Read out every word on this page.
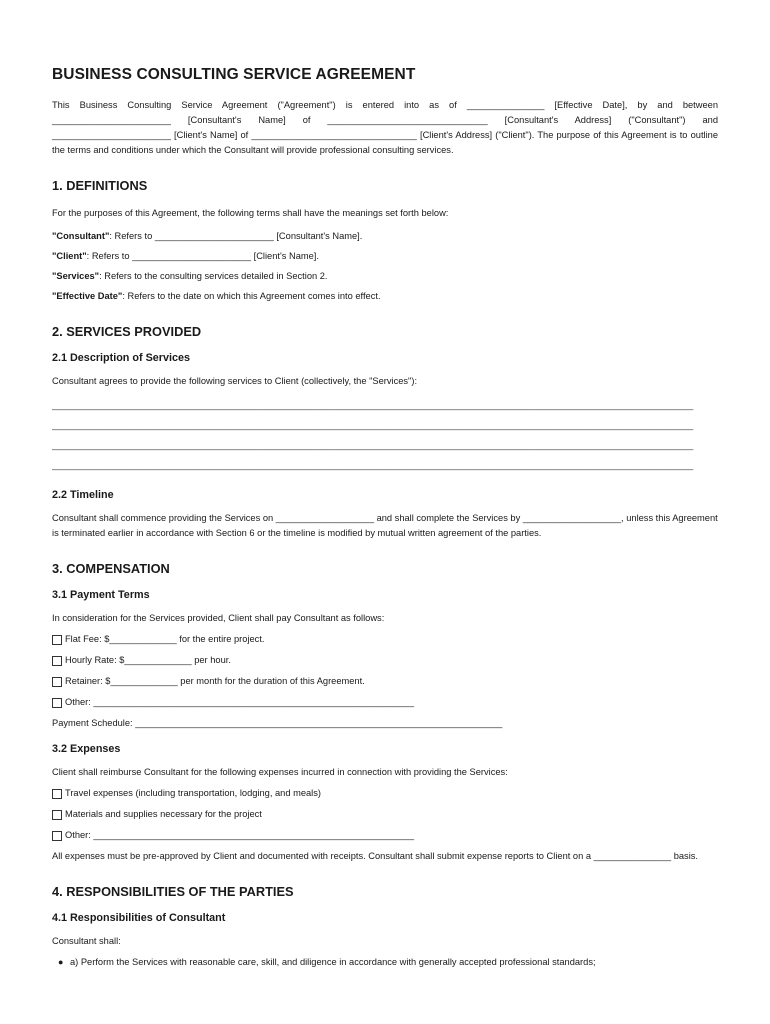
BUSINESS CONSULTING SERVICE AGREEMENT
This Business Consulting Service Agreement ("Agreement") is entered into as of _______________ [Effective Date], by and between _______________________ [Consultant's Name] of _______________________________ [Consultant's Address] ("Consultant") and _______________________ [Client's Name] of ________________________________ [Client's Address] ("Client"). The purpose of this Agreement is to outline the terms and conditions under which the Consultant will provide professional consulting services.
1. DEFINITIONS
For the purposes of this Agreement, the following terms shall have the meanings set forth below:
"Consultant": Refers to _______________________ [Consultant's Name].
"Client": Refers to _______________________ [Client's Name].
"Services": Refers to the consulting services detailed in Section 2.
"Effective Date": Refers to the date on which this Agreement comes into effect.
2. SERVICES PROVIDED
2.1 Description of Services
Consultant agrees to provide the following services to Client (collectively, the "Services"):
____________________________________________________________________________________________________________________________
____________________________________________________________________________________________________________________________
____________________________________________________________________________________________________________________________
____________________________________________________________________________________________________________________________
2.2 Timeline
Consultant shall commence providing the Services on ___________________ and shall complete the Services by ___________________, unless this Agreement is terminated earlier in accordance with Section 6 or the timeline is modified by mutual written agreement of the parties.
3. COMPENSATION
3.1 Payment Terms
In consideration for the Services provided, Client shall pay Consultant as follows:
Flat Fee: $_____________ for the entire project.
Hourly Rate: $_____________ per hour.
Retainer: $_____________ per month for the duration of this Agreement.
Other: ______________________________________________________________
Payment Schedule: _______________________________________________________________________
3.2 Expenses
Client shall reimburse Consultant for the following expenses incurred in connection with providing the Services:
Travel expenses (including transportation, lodging, and meals)
Materials and supplies necessary for the project
Other: ______________________________________________________________
All expenses must be pre-approved by Client and documented with receipts. Consultant shall submit expense reports to Client on a _______________ basis.
4. RESPONSIBILITIES OF THE PARTIES
4.1 Responsibilities of Consultant
Consultant shall:
● a) Perform the Services with reasonable care, skill, and diligence in accordance with generally accepted professional standards;
